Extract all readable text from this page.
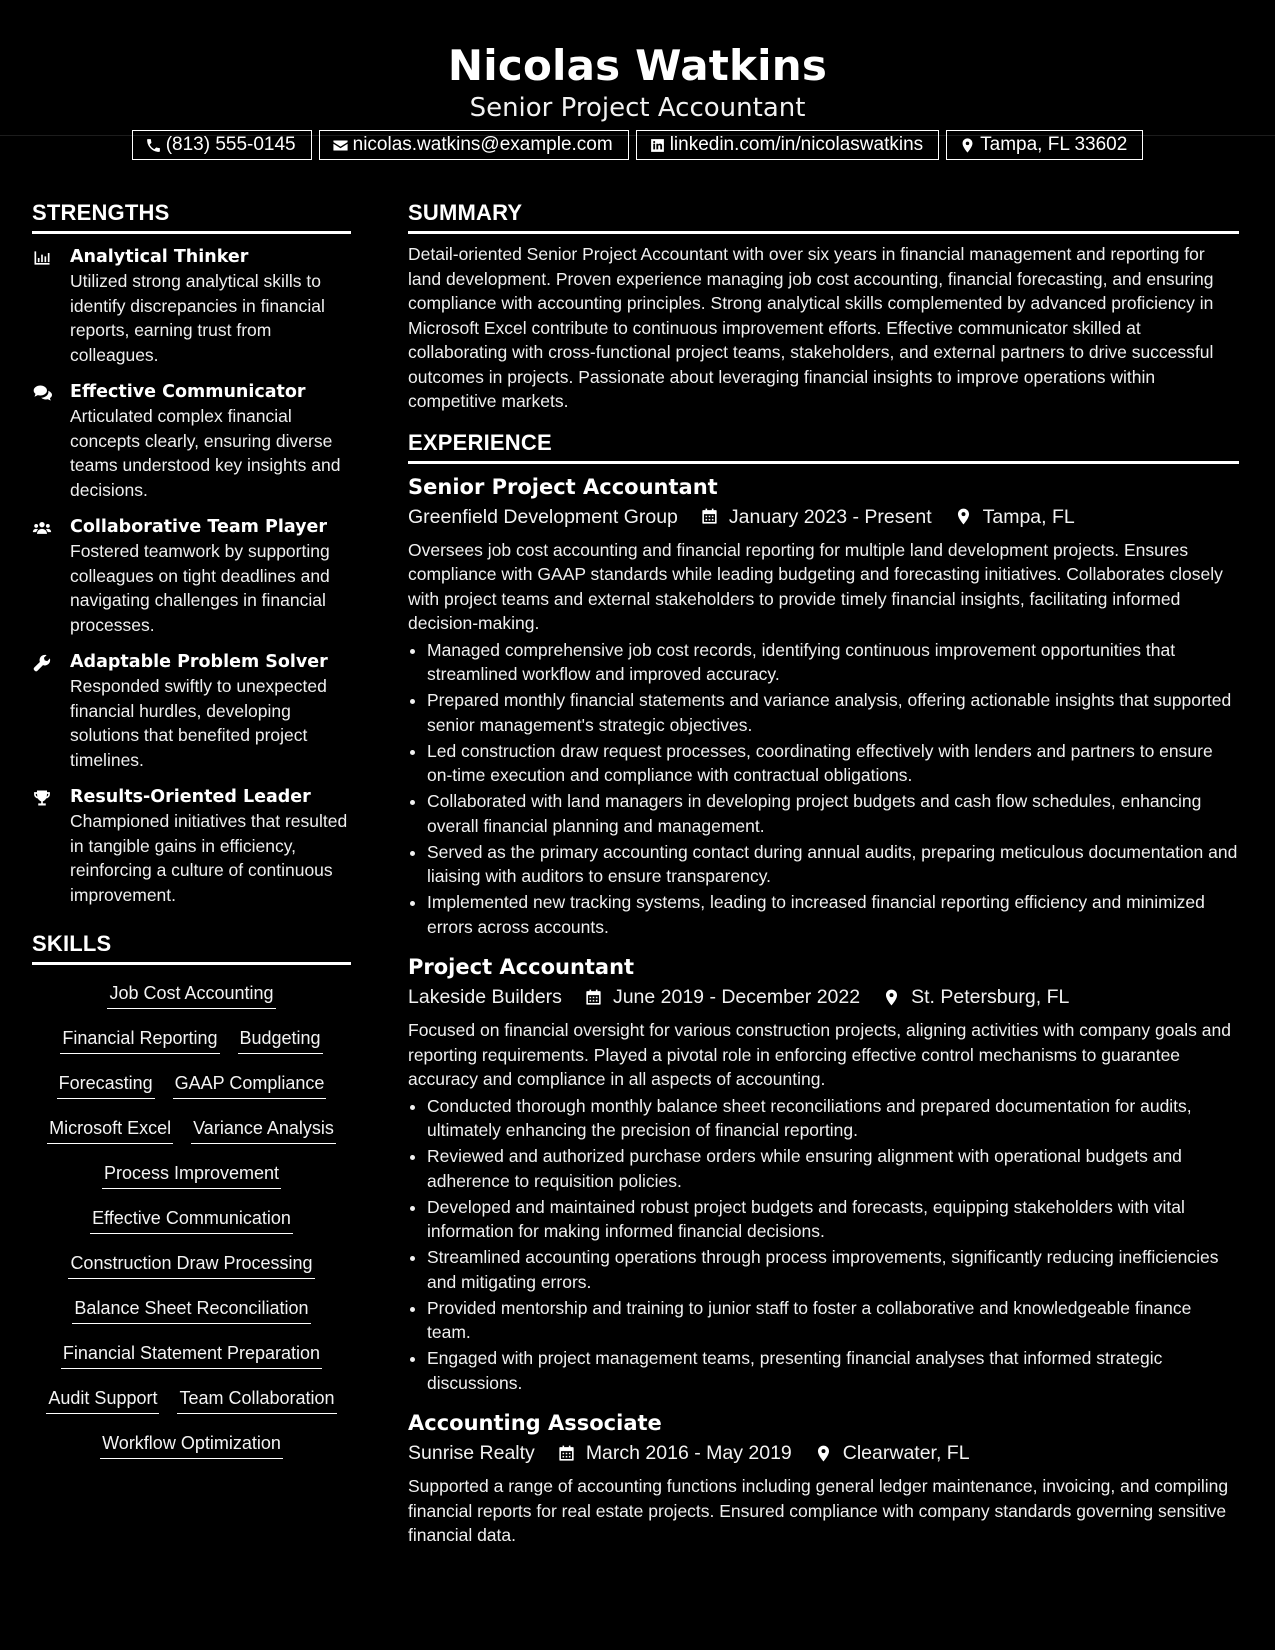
Nicolas Watkins
Senior Project Accountant
(813) 555-0145	nicolas.watkins@example.com	linkedin.com/in/nicolaswatkins	Tampa, FL 33602
STRENGTHS
Analytical Thinker
Utilized strong analytical skills to identify discrepancies in financial reports, earning trust from colleagues.
Effective Communicator
Articulated complex financial concepts clearly, ensuring diverse teams understood key insights and decisions.
Collaborative Team Player
Fostered teamwork by supporting colleagues on tight deadlines and navigating challenges in financial processes.
Adaptable Problem Solver
Responded swiftly to unexpected financial hurdles, developing solutions that benefited project timelines.
Results-Oriented Leader
Championed initiatives that resulted in tangible gains in efficiency, reinforcing a culture of continuous improvement.
SKILLS
Job Cost Accounting
Financial Reporting Budgeting
Forecasting GAAP Compliance
Microsoft Excel Variance Analysis
Process Improvement
Effective Communication
Construction Draw Processing
Balance Sheet Reconciliation
Financial Statement Preparation
Audit Support Team Collaboration
Workflow Optimization
SUMMARY
Detail-oriented Senior Project Accountant with over six years in financial management and reporting for land development. Proven experience managing job cost accounting, financial forecasting, and ensuring compliance with accounting principles. Strong analytical skills complemented by advanced proficiency in Microsoft Excel contribute to continuous improvement efforts. Effective communicator skilled at collaborating with cross-functional project teams, stakeholders, and external partners to drive successful outcomes in projects. Passionate about leveraging financial insights to improve operations within competitive markets.
EXPERIENCE
Senior Project Accountant
Greenfield Development Group	January 2023 - Present	Tampa, FL
Oversees job cost accounting and financial reporting for multiple land development projects. Ensures compliance with GAAP standards while leading budgeting and forecasting initiatives. Collaborates closely with project teams and external stakeholders to provide timely financial insights, facilitating informed decision-making.
• Managed comprehensive job cost records, identifying continuous improvement opportunities that streamlined workflow and improved accuracy.
• Prepared monthly financial statements and variance analysis, offering actionable insights that supported senior management's strategic objectives.
• Led construction draw request processes, coordinating effectively with lenders and partners to ensure on-time execution and compliance with contractual obligations.
• Collaborated with land managers in developing project budgets and cash flow schedules, enhancing overall financial planning and management.
• Served as the primary accounting contact during annual audits, preparing meticulous documentation and liaising with auditors to ensure transparency.
• Implemented new tracking systems, leading to increased financial reporting efficiency and minimized errors across accounts.
Project Accountant
Lakeside Builders	June 2019 - December 2022	St. Petersburg, FL
Focused on financial oversight for various construction projects, aligning activities with company goals and reporting requirements. Played a pivotal role in enforcing effective control mechanisms to guarantee accuracy and compliance in all aspects of accounting.
• Conducted thorough monthly balance sheet reconciliations and prepared documentation for audits, ultimately enhancing the precision of financial reporting.
• Reviewed and authorized purchase orders while ensuring alignment with operational budgets and adherence to requisition policies.
• Developed and maintained robust project budgets and forecasts, equipping stakeholders with vital information for making informed financial decisions.
• Streamlined accounting operations through process improvements, significantly reducing inefficiencies and mitigating errors.
• Provided mentorship and training to junior staff to foster a collaborative and knowledgeable finance team.
• Engaged with project management teams, presenting financial analyses that informed strategic discussions.
Accounting Associate
Sunrise Realty	March 2016 - May 2019	Clearwater, FL
Supported a range of accounting functions including general ledger maintenance, invoicing, and compiling financial reports for real estate projects. Ensured compliance with company standards governing sensitive financial data.
